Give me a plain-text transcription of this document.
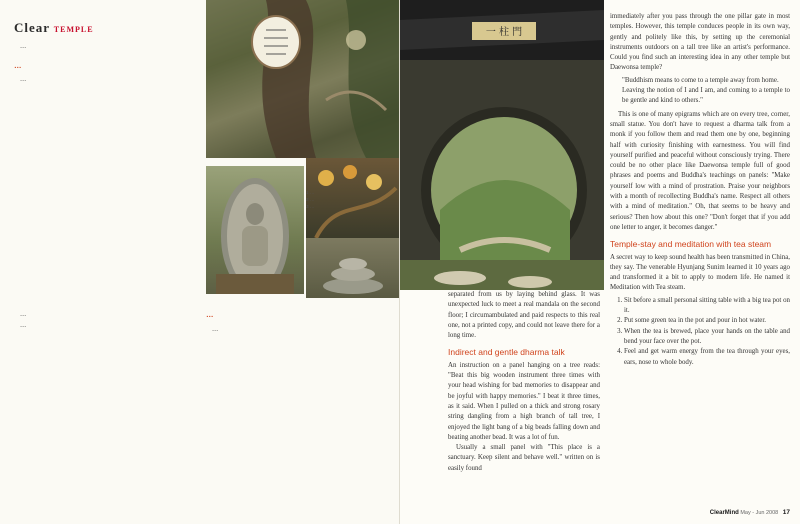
Clear temple

…

…

…

1 …
2 …
3 …

…

…

…

…

一 柱 門

separated from us by laying behind glass. It was unexpected luck to meet a real mandala on the second floor; I circumambulated and paid respects to this real one, not a printed copy, and could not leave there for a long time.

Indirect and gentle dharma talk

An instruction on a panel hanging on a tree reads: "Beat this big wooden instrument three times with your head wishing for bad memories to disappear and be joyful with happy memories." I beat it three times, as it said. When I pulled on a thick and strong rosary string dangling from a high branch of tall tree, I enjoyed the light bang of a big beads falling down and beating another bead. It was a lot of fun.

Usually a small panel with "This place is a sanctuary. Keep silent and behave well." written on is easily found

immediately after you pass through the one pillar gate in most temples. However, this temple conduces people in its own way, gently and politely like this, by setting up the ceremonial instruments outdoors on a tall tree like an artist's performance. Could you find such an interesting idea in any other temple but Daewonsa temple?

"Buddhism means to come to a temple away from home.
Leaving the notion of I and I am, and coming to a temple to be gentle and kind to others."

This is one of many epigrams which are on every tree, corner, small statue. You don't have to request a dharma talk from a monk if you follow them and read them one by one, beginning half with curiosity finishing with earnestness. You will find yourself purified and peaceful without consciously trying. There could be no other place like Daewonsa temple full of good phrases and poems and Buddha's teachings on panels: "Make yourself low with a mind of prostration. Praise your neighbors with a month of recollecting Buddha's name. Respect all others with a mind of meditation." Oh, that seems to be heavy and serious? Then how about this one? "Don't forget that if you add one letter to anger, it becomes danger."

Temple-stay and meditation with tea steam

A secret way to keep sound health has been transmitted in China, they say. The venerable Hyunjang Sunim learned it 10 years ago and transformed it a bit to apply to modern life. He named it Meditation with Tea steam.

1. Sit before a small personal sitting table with a big tea pot on it.
2. Put some green tea in the pot and pour in hot water.
3. When the tea is brewed, place your hands on the table and bend your face over the pot.
4. Feel and get warm energy from the tea through your eyes, ears, nose to whole body.
ClearMind May - Jun 2008 17
